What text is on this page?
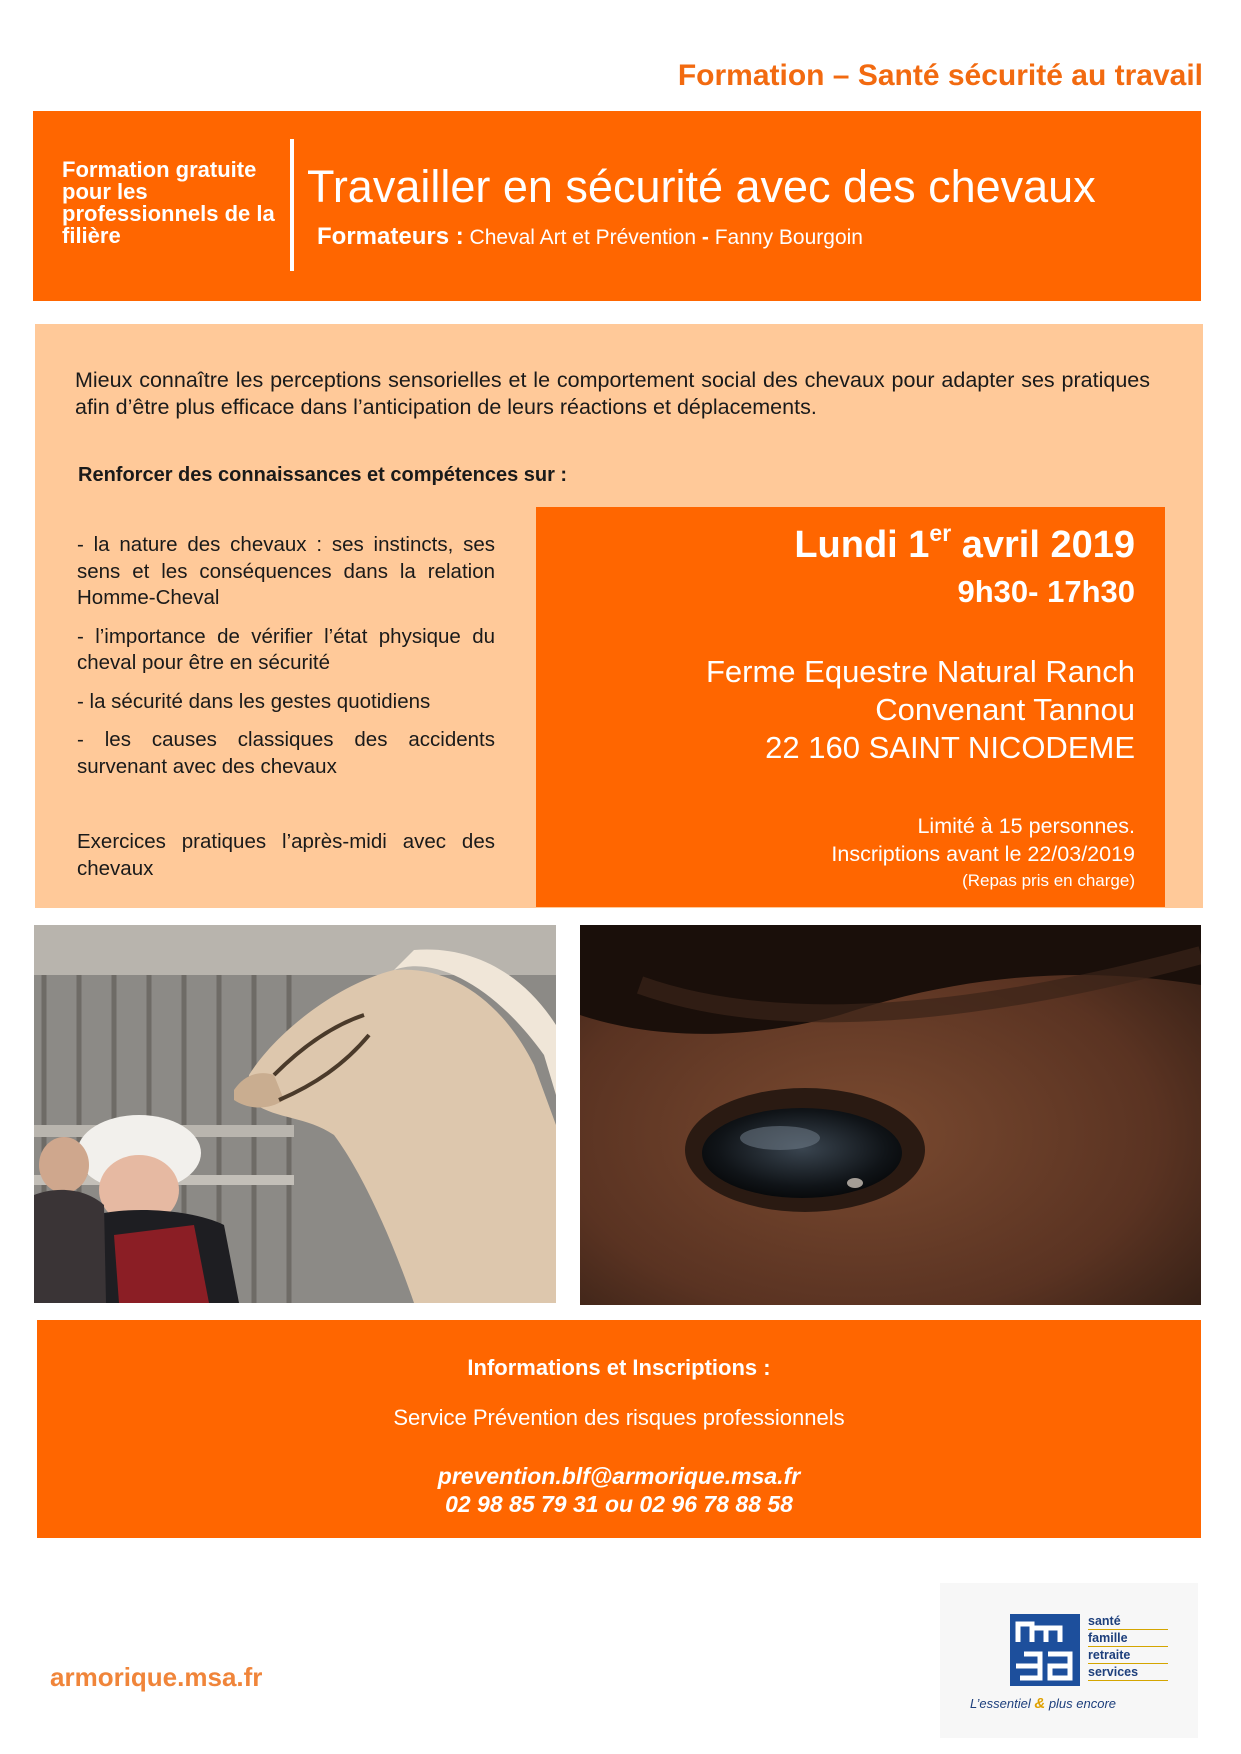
Formation – Santé sécurité au travail
Formation gratuite pour les professionnels de la filière
Travailler en sécurité avec des chevaux
Formateurs : Cheval Art et Prévention - Fanny Bourgoin
Mieux connaître les perceptions sensorielles et le comportement social des chevaux pour adapter ses pratiques afin d’être plus efficace dans l’anticipation de leurs réactions et déplacements.
Renforcer des connaissances et compétences sur :
- la nature des chevaux : ses instincts, ses sens et les conséquences dans la relation Homme-Cheval
- l’importance de vérifier l’état physique du cheval pour être en sécurité
- la sécurité dans les gestes quotidiens
- les causes classiques des accidents survenant avec des chevaux
Exercices pratiques l’après-midi avec des chevaux
Lundi 1er avril 2019
9h30- 17h30
Ferme Equestre Natural Ranch
Convenant Tannou
22 160 SAINT NICODEME
Limité à 15 personnes.
Inscriptions avant le 22/03/2019
(Repas pris en charge)
Informations et Inscriptions :
Service Prévention des risques professionnels
prevention.blf@armorique.msa.fr
02 98 85 79 31 ou 02 96 78 88 58
armorique.msa.fr
santé
famille
retraite
services
L’essentiel & plus encore
